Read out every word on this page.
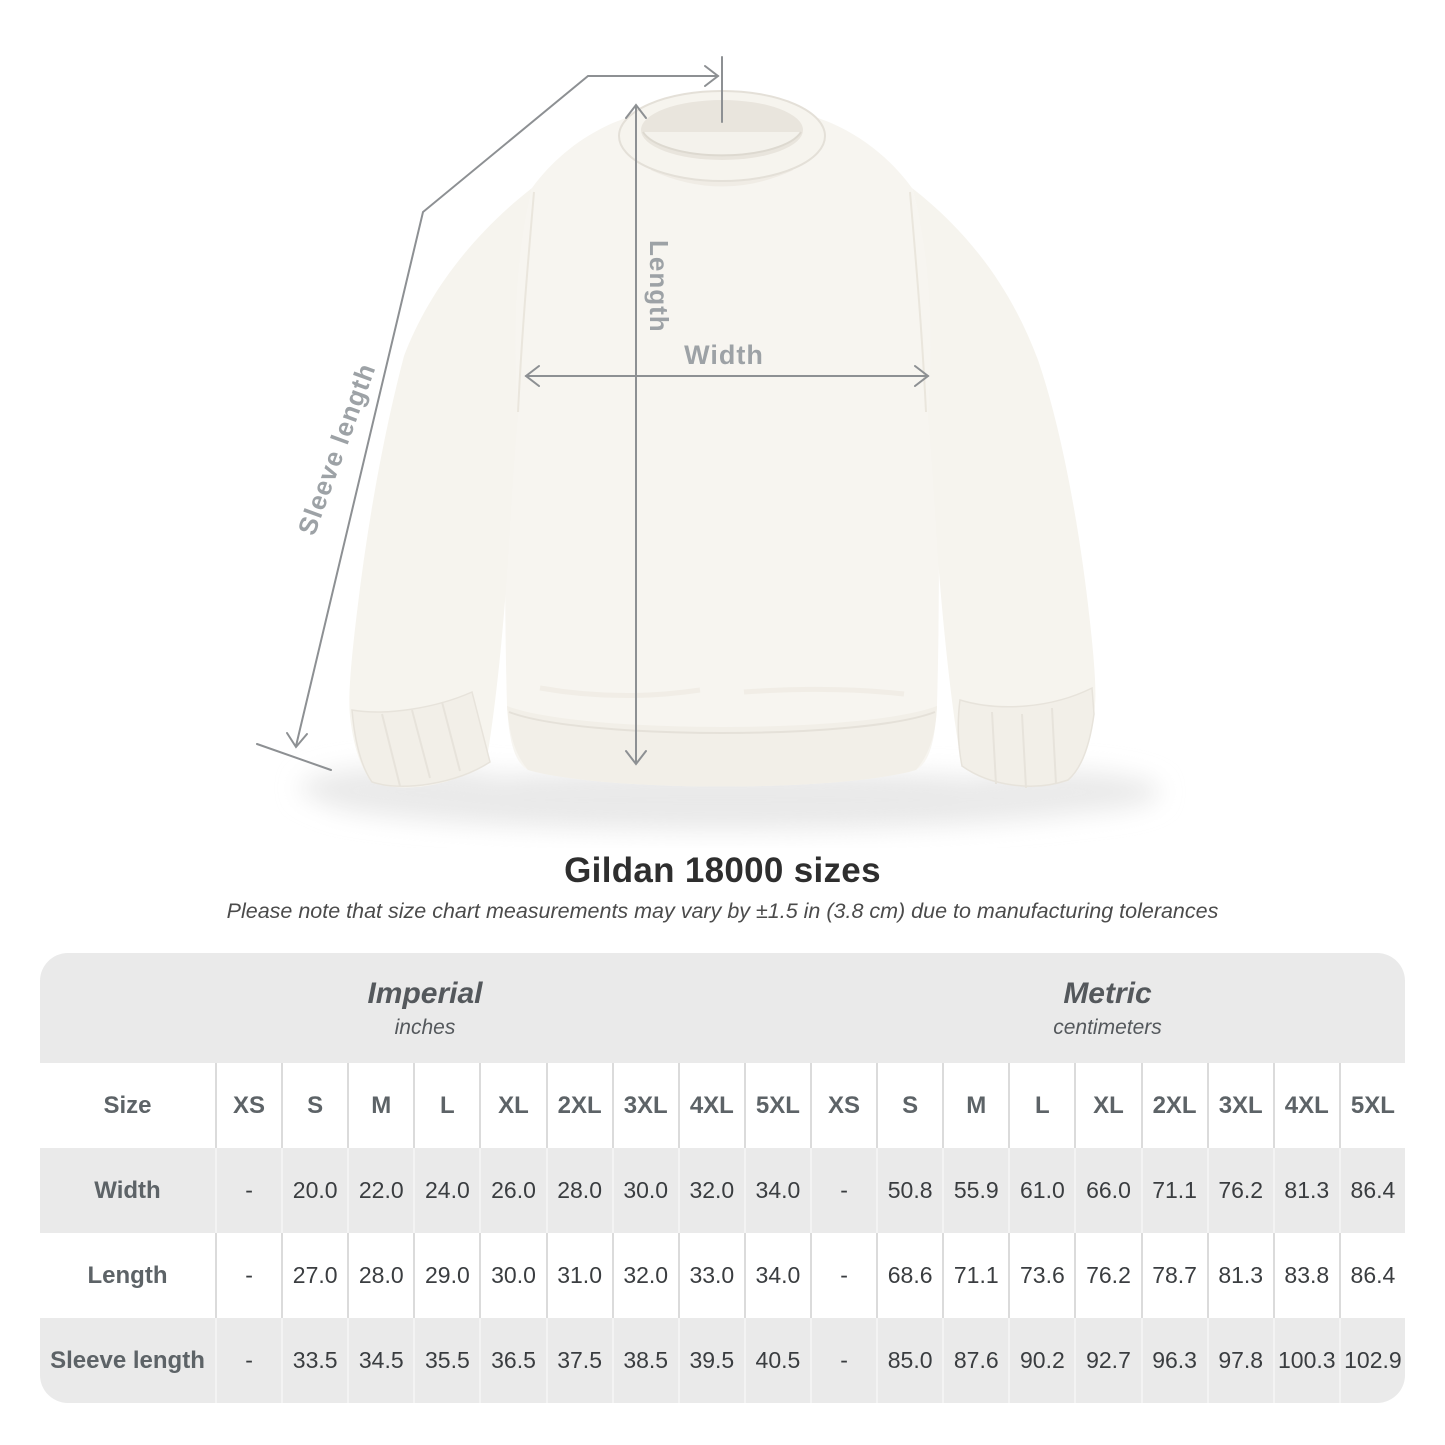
Length
Width
Sleeve length
Gildan 18000 sizes

Please note that size chart measurements may vary by ±1.5 in (3.8 cm) due to manufacturing tolerances

Imperial
inches
Metric
centimeters
Size	XS	S	M	L	XL	2XL 3XL 4XL 5XL	XS	S	M	L	XL	2XL 3XL 4XL 5XL
Width	-	20.0 22.0 24.0 26.0 28.0 30.0 32.0 34.0	-	50.8 55.9 61.0 66.0 71.1 76.2 81.3 86.4
Length	-	27.0 28.0 29.0 30.0 31.0 32.0 33.0 34.0	-	68.6 71.1 73.6 76.2 78.7 81.3 83.8 86.4
Sleeve length	-	33.5 34.5 35.5 36.5 37.5 38.5 39.5 40.5	-	85.0 87.6 90.2 92.7 96.3 97.8 100.3 102.9
